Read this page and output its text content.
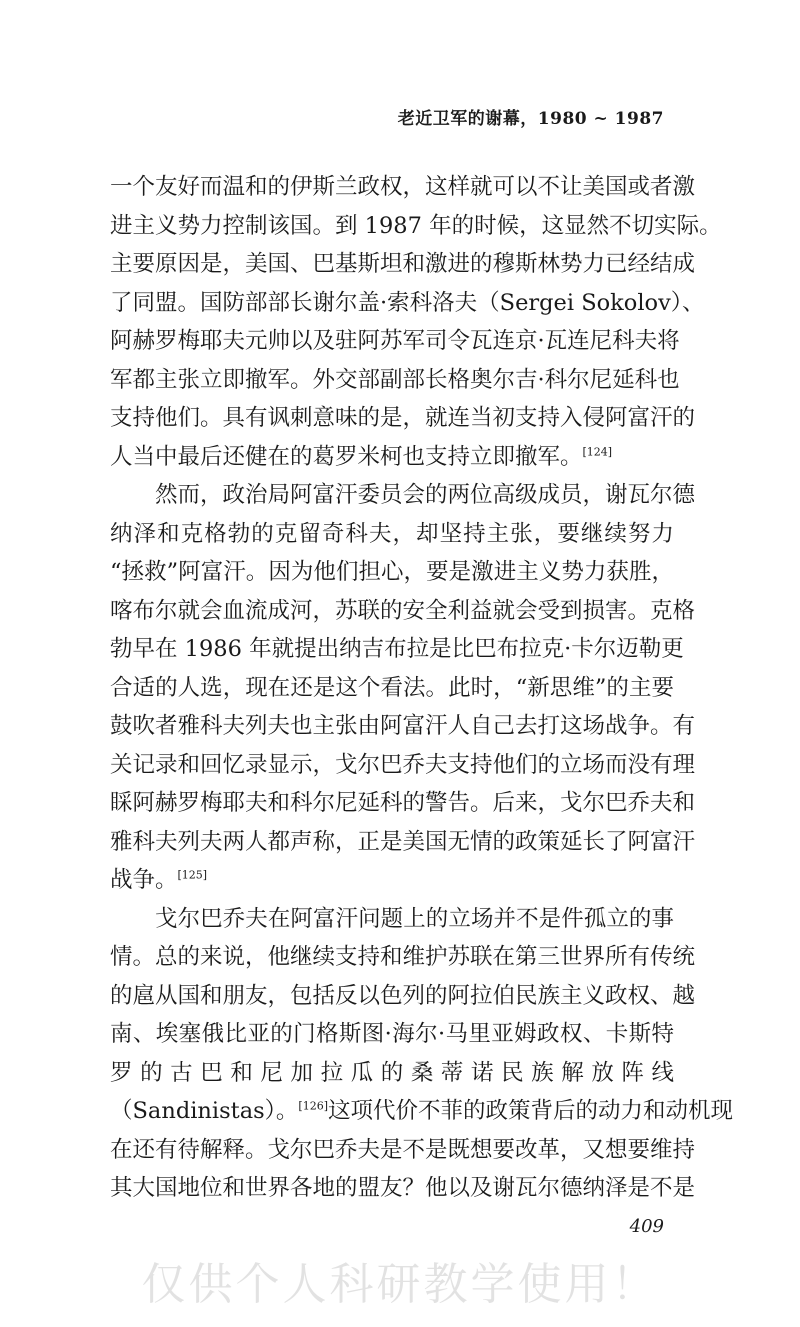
老近卫军的谢幕，1980 ~ 1987
一个友好而温和的伊斯兰政权，这样就可以不让美国或者激
进主义势力控制该国。到 1987 年的时候，这显然不切实际。
主要原因是，美国、巴基斯坦和激进的穆斯林势力已经结成
了同盟。国防部部长谢尔盖·索科洛夫（Sergei Sokolov）、
阿赫罗梅耶夫元帅以及驻阿苏军司令瓦连京·瓦连尼科夫将
军都主张立即撤军。外交部副部长格奥尔吉·科尔尼延科也
支持他们。具有讽刺意味的是，就连当初支持入侵阿富汗的
人当中最后还健在的葛罗米柯也支持立即撤军。[124]
然而，政治局阿富汗委员会的两位高级成员，谢瓦尔德
纳泽和克格勃的克留奇科夫，却坚持主张，要继续努力
“拯救”阿富汗。因为他们担心，要是激进主义势力获胜，
喀布尔就会血流成河，苏联的安全利益就会受到损害。克格
勃早在 1986 年就提出纳吉布拉是比巴布拉克·卡尔迈勒更
合适的人选，现在还是这个看法。此时，“新思维”的主要
鼓吹者雅科夫列夫也主张由阿富汗人自己去打这场战争。有
关记录和回忆录显示，戈尔巴乔夫支持他们的立场而没有理
睬阿赫罗梅耶夫和科尔尼延科的警告。后来，戈尔巴乔夫和
雅科夫列夫两人都声称，正是美国无情的政策延长了阿富汗
战争。[125]
戈尔巴乔夫在阿富汗问题上的立场并不是件孤立的事
情。总的来说，他继续支持和维护苏联在第三世界所有传统
的扈从国和朋友，包括反以色列的阿拉伯民族主义政权、越
南、埃塞俄比亚的门格斯图·海尔·马里亚姆政权、卡斯特
罗的古巴和尼加拉瓜的桑蒂诺民族解放阵线
（Sandinistas）。[126]这项代价不菲的政策背后的动力和动机现
在还有待解释。戈尔巴乔夫是不是既想要改革，又想要维持
其大国地位和世界各地的盟友？他以及谢瓦尔德纳泽是不是
409
仅供个人科研教学使用！
